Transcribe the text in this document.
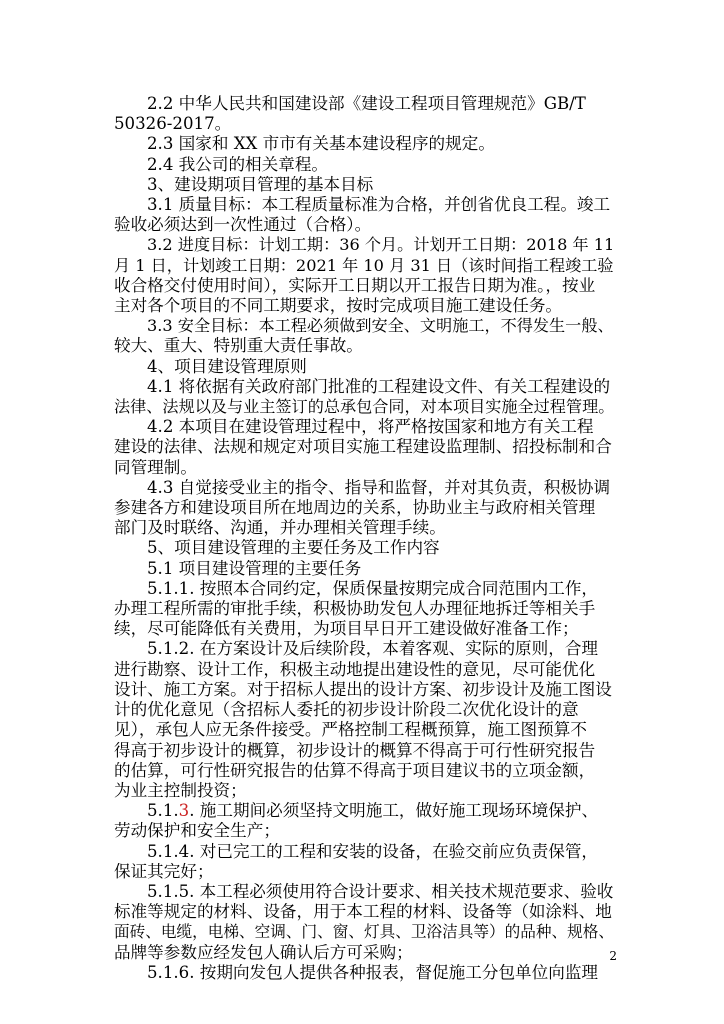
2.2 中华人民共和国建设部《建设工程项目管理规范》GB/T
50326-2017。
2.3 国家和 XX 市市有关基本建设程序的规定。
2.4 我公司的相关章程。
3、建设期项目管理的基本目标
3.1 质量目标：本工程质量标准为合格，并创省优良工程。竣工
验收必须达到一次性通过（合格）。
3.2 进度目标：计划工期：36 个月。计划开工日期：2018 年 11
月 1 日，计划竣工日期：2021 年 10 月 31 日（该时间指工程竣工验
收合格交付使用时间），实际开工日期以开工报告日期为准。，按业
主对各个项目的不同工期要求，按时完成项目施工建设任务。
3.3 安全目标：本工程必须做到安全、文明施工，不得发生一般、
较大、重大、特别重大责任事故。
4、项目建设管理原则
4.1 将依据有关政府部门批准的工程建设文件、有关工程建设的
法律、法规以及与业主签订的总承包合同，对本项目实施全过程管理。
4.2 本项目在建设管理过程中，将严格按国家和地方有关工程
建设的法律、法规和规定对项目实施工程建设监理制、招投标制和合
同管理制。
4.3 自觉接受业主的指令、指导和监督，并对其负责，积极协调
参建各方和建设项目所在地周边的关系，协助业主与政府相关管理
部门及时联络、沟通，并办理相关管理手续。
5、项目建设管理的主要任务及工作内容
5.1 项目建设管理的主要任务
5.1.1. 按照本合同约定，保质保量按期完成合同范围内工作，
办理工程所需的审批手续，积极协助发包人办理征地拆迁等相关手
续，尽可能降低有关费用，为项目早日开工建设做好准备工作；
5.1.2. 在方案设计及后续阶段，本着客观、实际的原则，合理
进行勘察、设计工作，积极主动地提出建设性的意见，尽可能优化
设计、施工方案。对于招标人提出的设计方案、初步设计及施工图设
计的优化意见（含招标人委托的初步设计阶段二次优化设计的意
见），承包人应无条件接受。严格控制工程概预算，施工图预算不
得高于初步设计的概算，初步设计的概算不得高于可行性研究报告
的估算，可行性研究报告的估算不得高于项目建议书的立项金额，
为业主控制投资；
5.1.3. 施工期间必须坚持文明施工，做好施工现场环境保护、
劳动保护和安全生产；
5.1.4. 对已完工的工程和安装的设备，在验交前应负责保管，
保证其完好；
5.1.5. 本工程必须使用符合设计要求、相关技术规范要求、验收
标准等规定的材料、设备，用于本工程的材料、设备等（如涂料、地
面砖、电缆，电梯、空调、门、窗、灯具、卫浴洁具等）的品种、规格、
品牌等参数应经发包人确认后方可采购；
5.1.6. 按期向发包人提供各种报表，督促施工分包单位向监理
2
